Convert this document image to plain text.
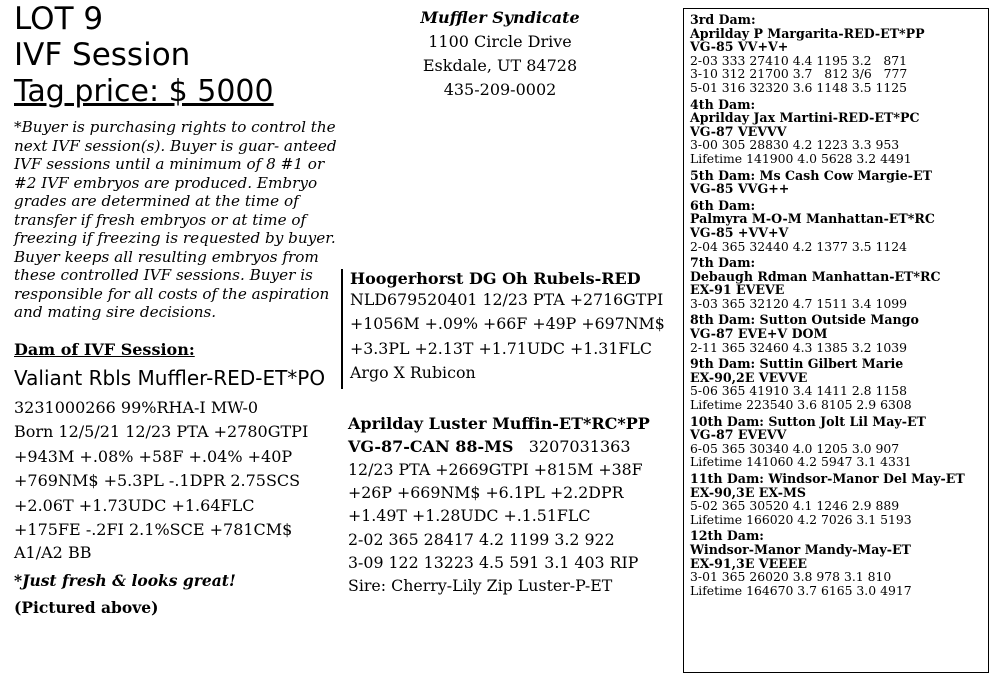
LOT 9
IVF Session
Tag price: $ 5000
*Buyer is purchasing rights to control the next IVF session(s). Buyer is guar- anteed IVF sessions until a minimum of 8 #1 or #2 IVF embryos are produced. Embryo grades are determined at the time of transfer if fresh embryos or at time of freezing if freezing is requested by buyer. Buyer keeps all resulting embryos from these controlled IVF sessions. Buyer is responsible for all costs of the aspiration and mating sire decisions.
Dam of IVF Session:
Valiant Rbls Muffler-RED-ET*PO
3231000266 99%RHA-I MW-0
Born 12/5/21 12/23 PTA +2780GTPI
+943M +.08% +58F +.04% +40P
+769NM$ +5.3PL -.1DPR 2.75SCS
+2.06T +1.73UDC +1.64FLC
+175FE -.2FI 2.1%SCE +781CM$
A1/A2 BB
*Just fresh & looks great!
(Pictured above)
Muffler Syndicate
1100 Circle Drive
Eskdale, UT 84728
435-209-0002
Hoogerhorst DG Oh Rubels-RED
NLD679520401 12/23 PTA +2716GTPI
+1056M +.09% +66F +49P +697NM$
+3.3PL +2.13T +1.71UDC +1.31FLC
Argo X Rubicon
Aprilday Luster Muffin-ET*RC*PP
VG-87-CAN 88-MS 3207031363
12/23 PTA +2669GTPI +815M +38F
+26P +669NM$ +6.1PL +2.2DPR
+1.49T +1.28UDC +.1.51FLC
2-02 365 28417 4.2 1199 3.2 922
3-09 122 13223 4.5 591 3.1 403 RIP
Sire: Cherry-Lily Zip Luster-P-ET
3rd Dam:
Aprilday P Margarita-RED-ET*PP
VG-85 VV+V+
2-03 333 27410 4.4 1195 3.2   871
3-10 312 21700 3.7   812 3/6   777
5-01 316 32320 3.6 1148 3.5 1125
4th Dam:
Aprilday Jax Martini-RED-ET*PC
VG-87 VEVVV
3-00 305 28830 4.2 1223 3.3 953
Lifetime 141900 4.0 5628 3.2 4491
5th Dam: Ms Cash Cow Margie-ET
VG-85 VVG++
6th Dam:
Palmyra M-O-M Manhattan-ET*RC
VG-85 +VV+V
2-04 365 32440 4.2 1377 3.5 1124
7th Dam:
Debaugh Rdman Manhattan-ET*RC
EX-91 EVEVE
3-03 365 32120 4.7 1511 3.4 1099
8th Dam: Sutton Outside Mango
VG-87 EVE+V DOM
2-11 365 32460 4.3 1385 3.2 1039
9th Dam: Suttin Gilbert Marie
EX-90,2E VEVVE
5-06 365 41910 3.4 1411 2.8 1158
Lifetime 223540 3.6 8105 2.9 6308
10th Dam: Sutton Jolt Lil May-ET
VG-87 EVEVV
6-05 365 30340 4.0 1205 3.0 907
Lifetime 141060 4.2 5947 3.1 4331
11th Dam: Windsor-Manor Del May-ET
EX-90,3E EX-MS
5-02 365 30520 4.1 1246 2.9 889
Lifetime 166020 4.2 7026 3.1 5193
12th Dam:
Windsor-Manor Mandy-May-ET
EX-91,3E VEEEE
3-01 365 26020 3.8 978 3.1 810
Lifetime 164670 3.7 6165 3.0 4917
